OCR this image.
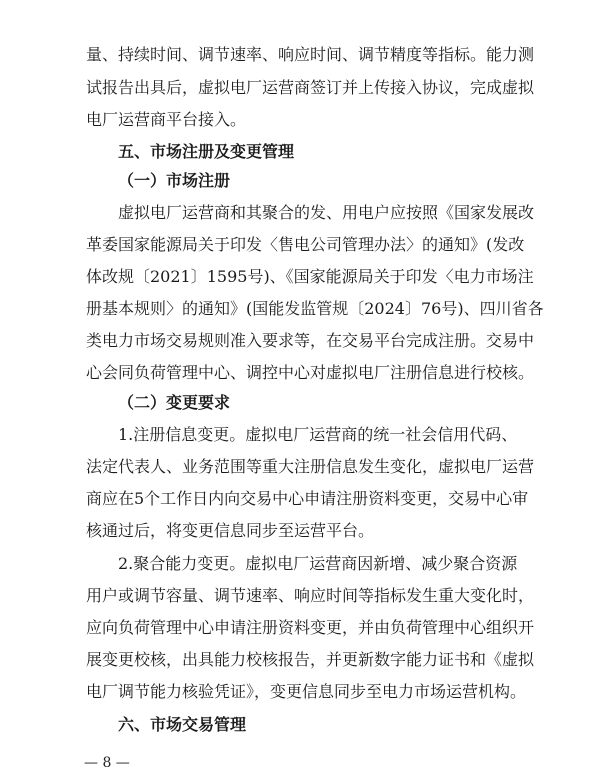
量、持续时间、调节速率、响应时间、调节精度等指标。能力测
试报告出具后，虚拟电厂运营商签订并上传接入协议，完成虚拟
电厂运营商平台接入。
五、市场注册及变更管理
（一）市场注册
虚拟电厂运营商和其聚合的发、用电户应按照《国家发展改
革委国家能源局关于印发〈售电公司管理办法〉的通知》(发改
体改规〔2021〕1595号)、《国家能源局关于印发〈电力市场注
册基本规则〉的通知》(国能发监管规〔2024〕76号)、四川省各
类电力市场交易规则准入要求等，在交易平台完成注册。交易中
心会同负荷管理中心、调控中心对虚拟电厂注册信息进行校核。
（二）变更要求
1.注册信息变更。虚拟电厂运营商的统一社会信用代码、
法定代表人、业务范围等重大注册信息发生变化，虚拟电厂运营
商应在5个工作日内向交易中心申请注册资料变更，交易中心审
核通过后，将变更信息同步至运营平台。
2.聚合能力变更。虚拟电厂运营商因新增、减少聚合资源
— 8 —
用户或调节容量、调节速率、响应时间等指标发生重大变化时，
应向负荷管理中心申请注册资料变更，并由负荷管理中心组织开
展变更校核，出具能力校核报告，并更新数字能力证书和《虚拟
电厂调节能力核验凭证》，变更信息同步至电力市场运营机构。
六、市场交易管理
